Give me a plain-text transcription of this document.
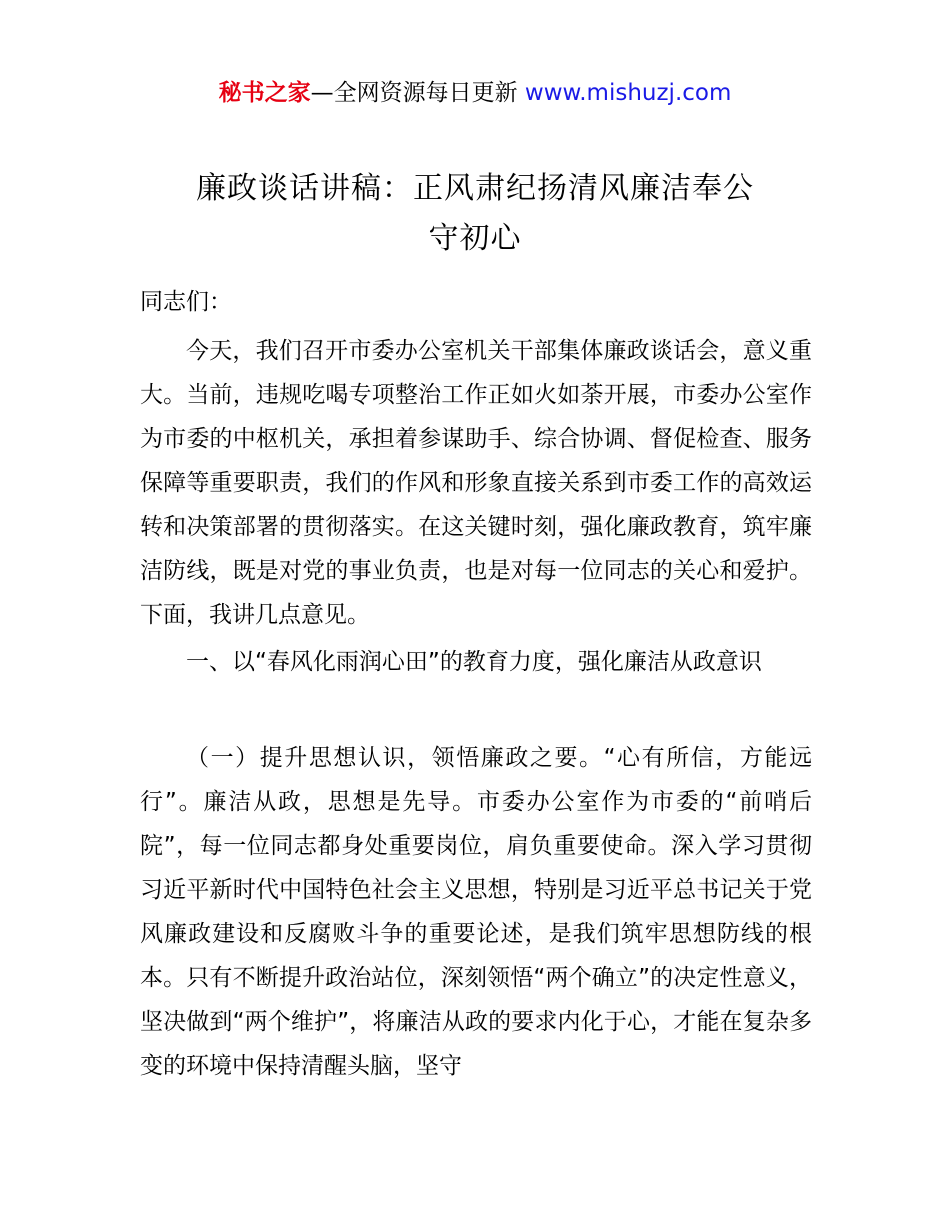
秘书之家—全网资源每日更新 www.mishuzj.com
廉政谈话讲稿：正风肃纪扬清风廉洁奉公
守初心
同志们：

今天，我们召开市委办公室机关干部集体廉政谈话会，意义重大。当前，违规吃喝专项整治工作正如火如荼开展，市委办公室作为市委的中枢机关，承担着参谋助手、综合协调、督促检查、服务保障等重要职责，我们的作风和形象直接关系到市委工作的高效运转和决策部署的贯彻落实。在这关键时刻，强化廉政教育，筑牢廉洁防线，既是对党的事业负责，也是对每一位同志的关心和爱护。下面，我讲几点意见。

一、以“春风化雨润心田”的教育力度，强化廉洁从政意识

（一）提升思想认识，领悟廉政之要。“心有所信，方能远行”。廉洁从政，思想是先导。市委办公室作为市委的“前哨后院”，每一位同志都身处重要岗位，肩负重要使命。深入学习贯彻习近平新时代中国特色社会主义思想，特别是习近平总书记关于党风廉政建设和反腐败斗争的重要论述，是我们筑牢思想防线的根本。只有不断提升政治站位，深刻领悟“两个确立”的决定性意义，坚决做到“两个维护”，将廉洁从政的要求内化于心，才能在复杂多变的环境中保持清醒头脑，坚守
